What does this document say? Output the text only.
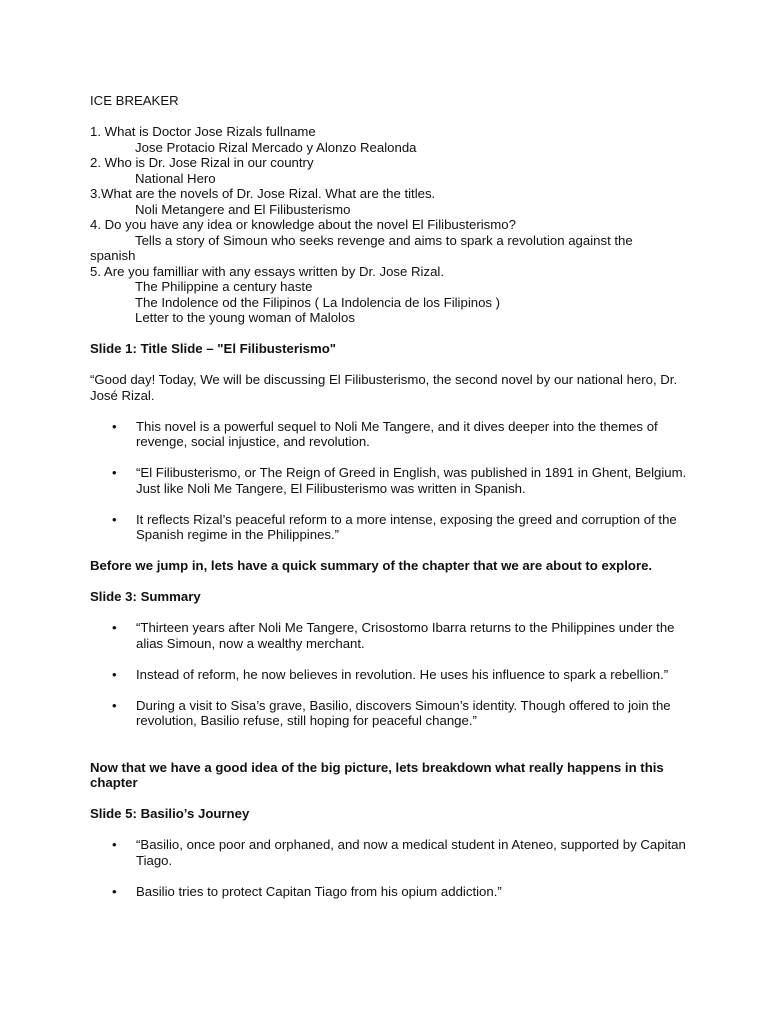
ICE BREAKER

1. What is Doctor Jose Rizals fullname

Jose Protacio Rizal Mercado y Alonzo Realonda

2. Who is Dr. Jose Rizal in our country

National Hero

3.What are the novels of Dr. Jose Rizal. What are the titles.

Noli Metangere and El Filibusterismo

4. Do you have any idea or knowledge about the novel El Filibusterismo?

Tells a story of Simoun who seeks revenge and aims to spark a revolution against the

spanish

5. Are you familliar with any essays written by Dr. Jose Rizal.

The Philippine a century haste

The Indolence od the Filipinos ( La Indolencia de los Filipinos )

Letter to the young woman of Malolos

Slide 1: Title Slide – "El Filibusterismo"

“Good day! Today, We will be discussing El Filibusterismo, the second novel by our national hero, Dr. José Rizal.

• This novel is a powerful sequel to Noli Me Tangere, and it dives deeper into the themes of revenge, social injustice, and revolution.
• “El Filibusterismo, or The Reign of Greed in English, was published in 1891 in Ghent, Belgium. Just like Noli Me Tangere, El Filibusterismo was written in Spanish.
• It reflects Rizal’s peaceful reform to a more intense, exposing the greed and corruption of the Spanish regime in the Philippines.”

Before we jump in, lets have a quick summary of the chapter that we are about to explore.

Slide 3: Summary

• “Thirteen years after Noli Me Tangere, Crisostomo Ibarra returns to the Philippines under the alias Simoun, now a wealthy merchant.
• Instead of reform, he now believes in revolution. He uses his influence to spark a rebellion.”
• During a visit to Sisa’s grave, Basilio, discovers Simoun’s identity. Though offered to join the revolution, Basilio refuse, still hoping for peaceful change.”

Now that we have a good idea of the big picture, lets breakdown what really happens in this chapter

Slide 5: Basilio’s Journey

• “Basilio, once poor and orphaned, and now a medical student in Ateneo, supported by Capitan Tiago.
• Basilio tries to protect Capitan Tiago from his opium addiction.”
